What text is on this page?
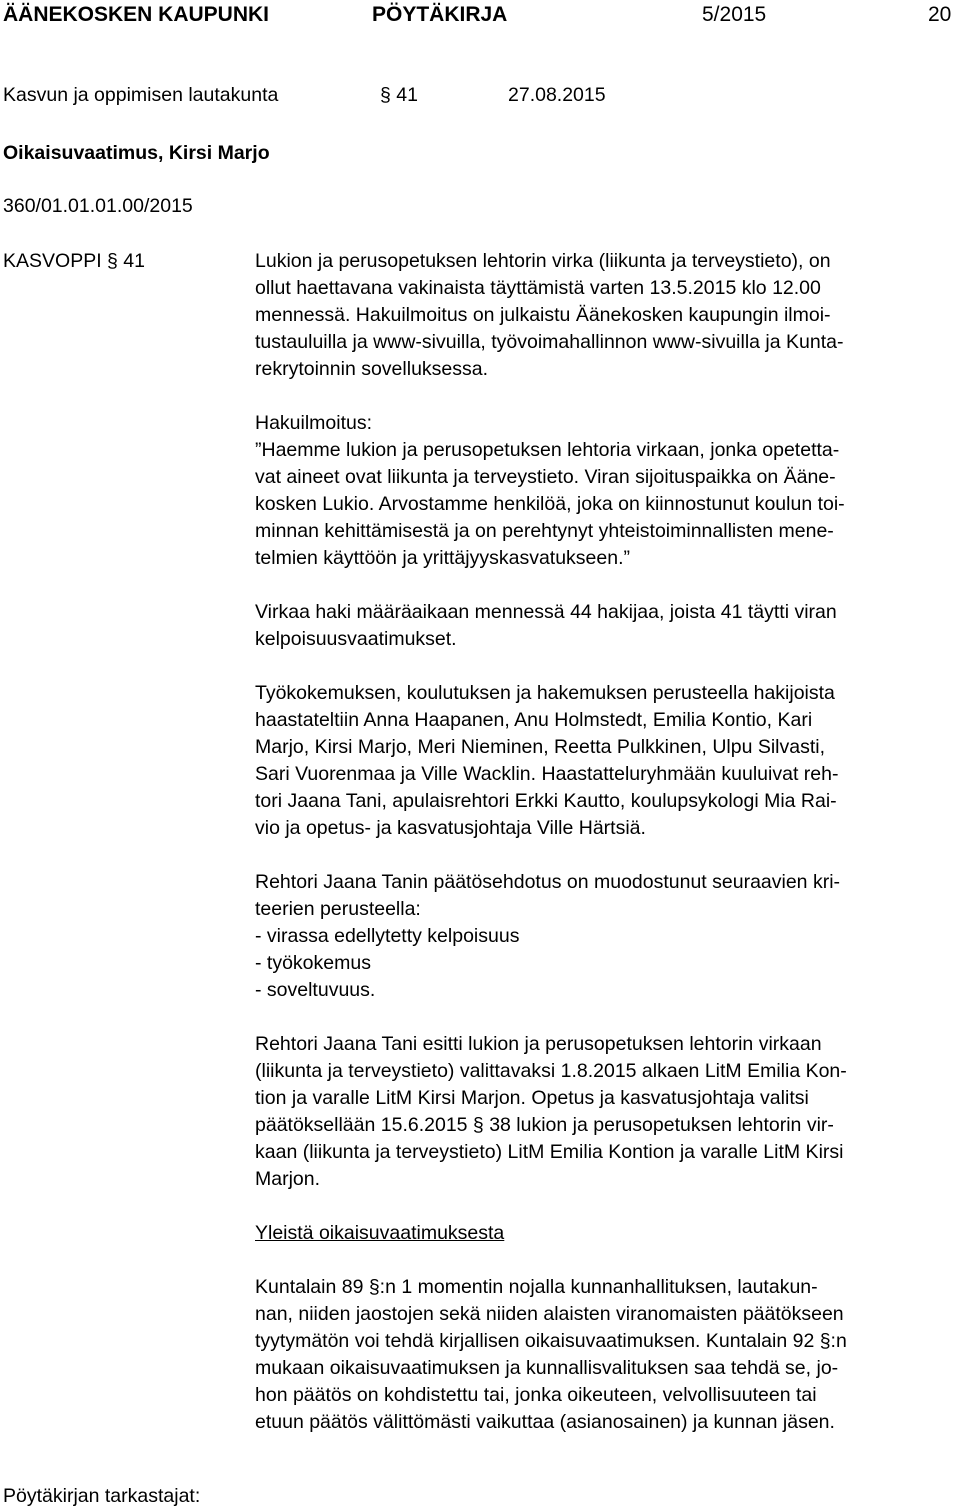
ÄÄNEKOSKEN KAUPUNKI	PÖYTÄKIRJA	5/2015	20
Kasvun ja oppimisen lautakunta	§ 41	27.08.2015
Oikaisuvaatimus, Kirsi Marjo
360/01.01.01.00/2015
KASVOPPI § 41	Lukion ja perusopetuksen lehtorin virka (liikunta ja terveystieto), on

ollut haettavana vakinaista täyttämistä varten 13.5.2015 klo 12.00

mennessä. Hakuilmoitus on julkaistu Äänekosken kaupungin ilmoi-

tustauluilla ja www-sivuilla, työvoimahallinnon www-sivuilla ja Kunta-

rekrytoinnin sovelluksessa.

Hakuilmoitus:

”Haemme lukion ja perusopetuksen lehtoria virkaan, jonka opetetta-

vat aineet ovat liikunta ja terveystieto. Viran sijoituspaikka on Ääne-

kosken Lukio. Arvostamme henkilöä, joka on kiinnostunut koulun toi-

minnan kehittämisestä ja on perehtynyt yhteistoiminnallisten mene-

telmien käyttöön ja yrittäjyyskasvatukseen.”

Virkaa haki määräaikaan mennessä 44 hakijaa, joista 41 täytti viran

kelpoisuusvaatimukset.

Työkokemuksen, koulutuksen ja hakemuksen perusteella hakijoista

haastateltiin Anna Haapanen, Anu Holmstedt, Emilia Kontio, Kari

Marjo, Kirsi Marjo, Meri Nieminen, Reetta Pulkkinen, Ulpu Silvasti,

Sari Vuorenmaa ja Ville Wacklin. Haastatteluryhmään kuuluivat reh-

tori Jaana Tani, apulaisrehtori Erkki Kautto, koulupsykologi Mia Rai-

vio ja opetus- ja kasvatusjohtaja Ville Härtsiä.

Rehtori Jaana Tanin päätösehdotus on muodostunut seuraavien kri-

teerien perusteella:

- virassa edellytetty kelpoisuus

- työkokemus

- soveltuvuus.

Rehtori Jaana Tani esitti lukion ja perusopetuksen lehtorin virkaan

(liikunta ja terveystieto) valittavaksi 1.8.2015 alkaen LitM Emilia Kon-

tion ja varalle LitM Kirsi Marjon. Opetus ja kasvatusjohtaja valitsi

päätöksellään 15.6.2015 § 38 lukion ja perusopetuksen lehtorin vir-

kaan (liikunta ja terveystieto) LitM Emilia Kontion ja varalle LitM Kirsi

Marjon.

Yleistä oikaisuvaatimuksesta

Kuntalain 89 §:n 1 momentin nojalla kunnanhallituksen, lautakun-

nan, niiden jaostojen sekä niiden alaisten viranomaisten päätökseen

tyytymätön voi tehdä kirjallisen oikaisuvaatimuksen. Kuntalain 92 §:n

mukaan oikaisuvaatimuksen ja kunnallisvalituksen saa tehdä se, jo-

hon päätös on kohdistettu tai, jonka oikeuteen, velvollisuuteen tai

etuun päätös välittömästi vaikuttaa (asianosainen) ja kunnan jäsen.

Pöytäkirjan tarkastajat:
